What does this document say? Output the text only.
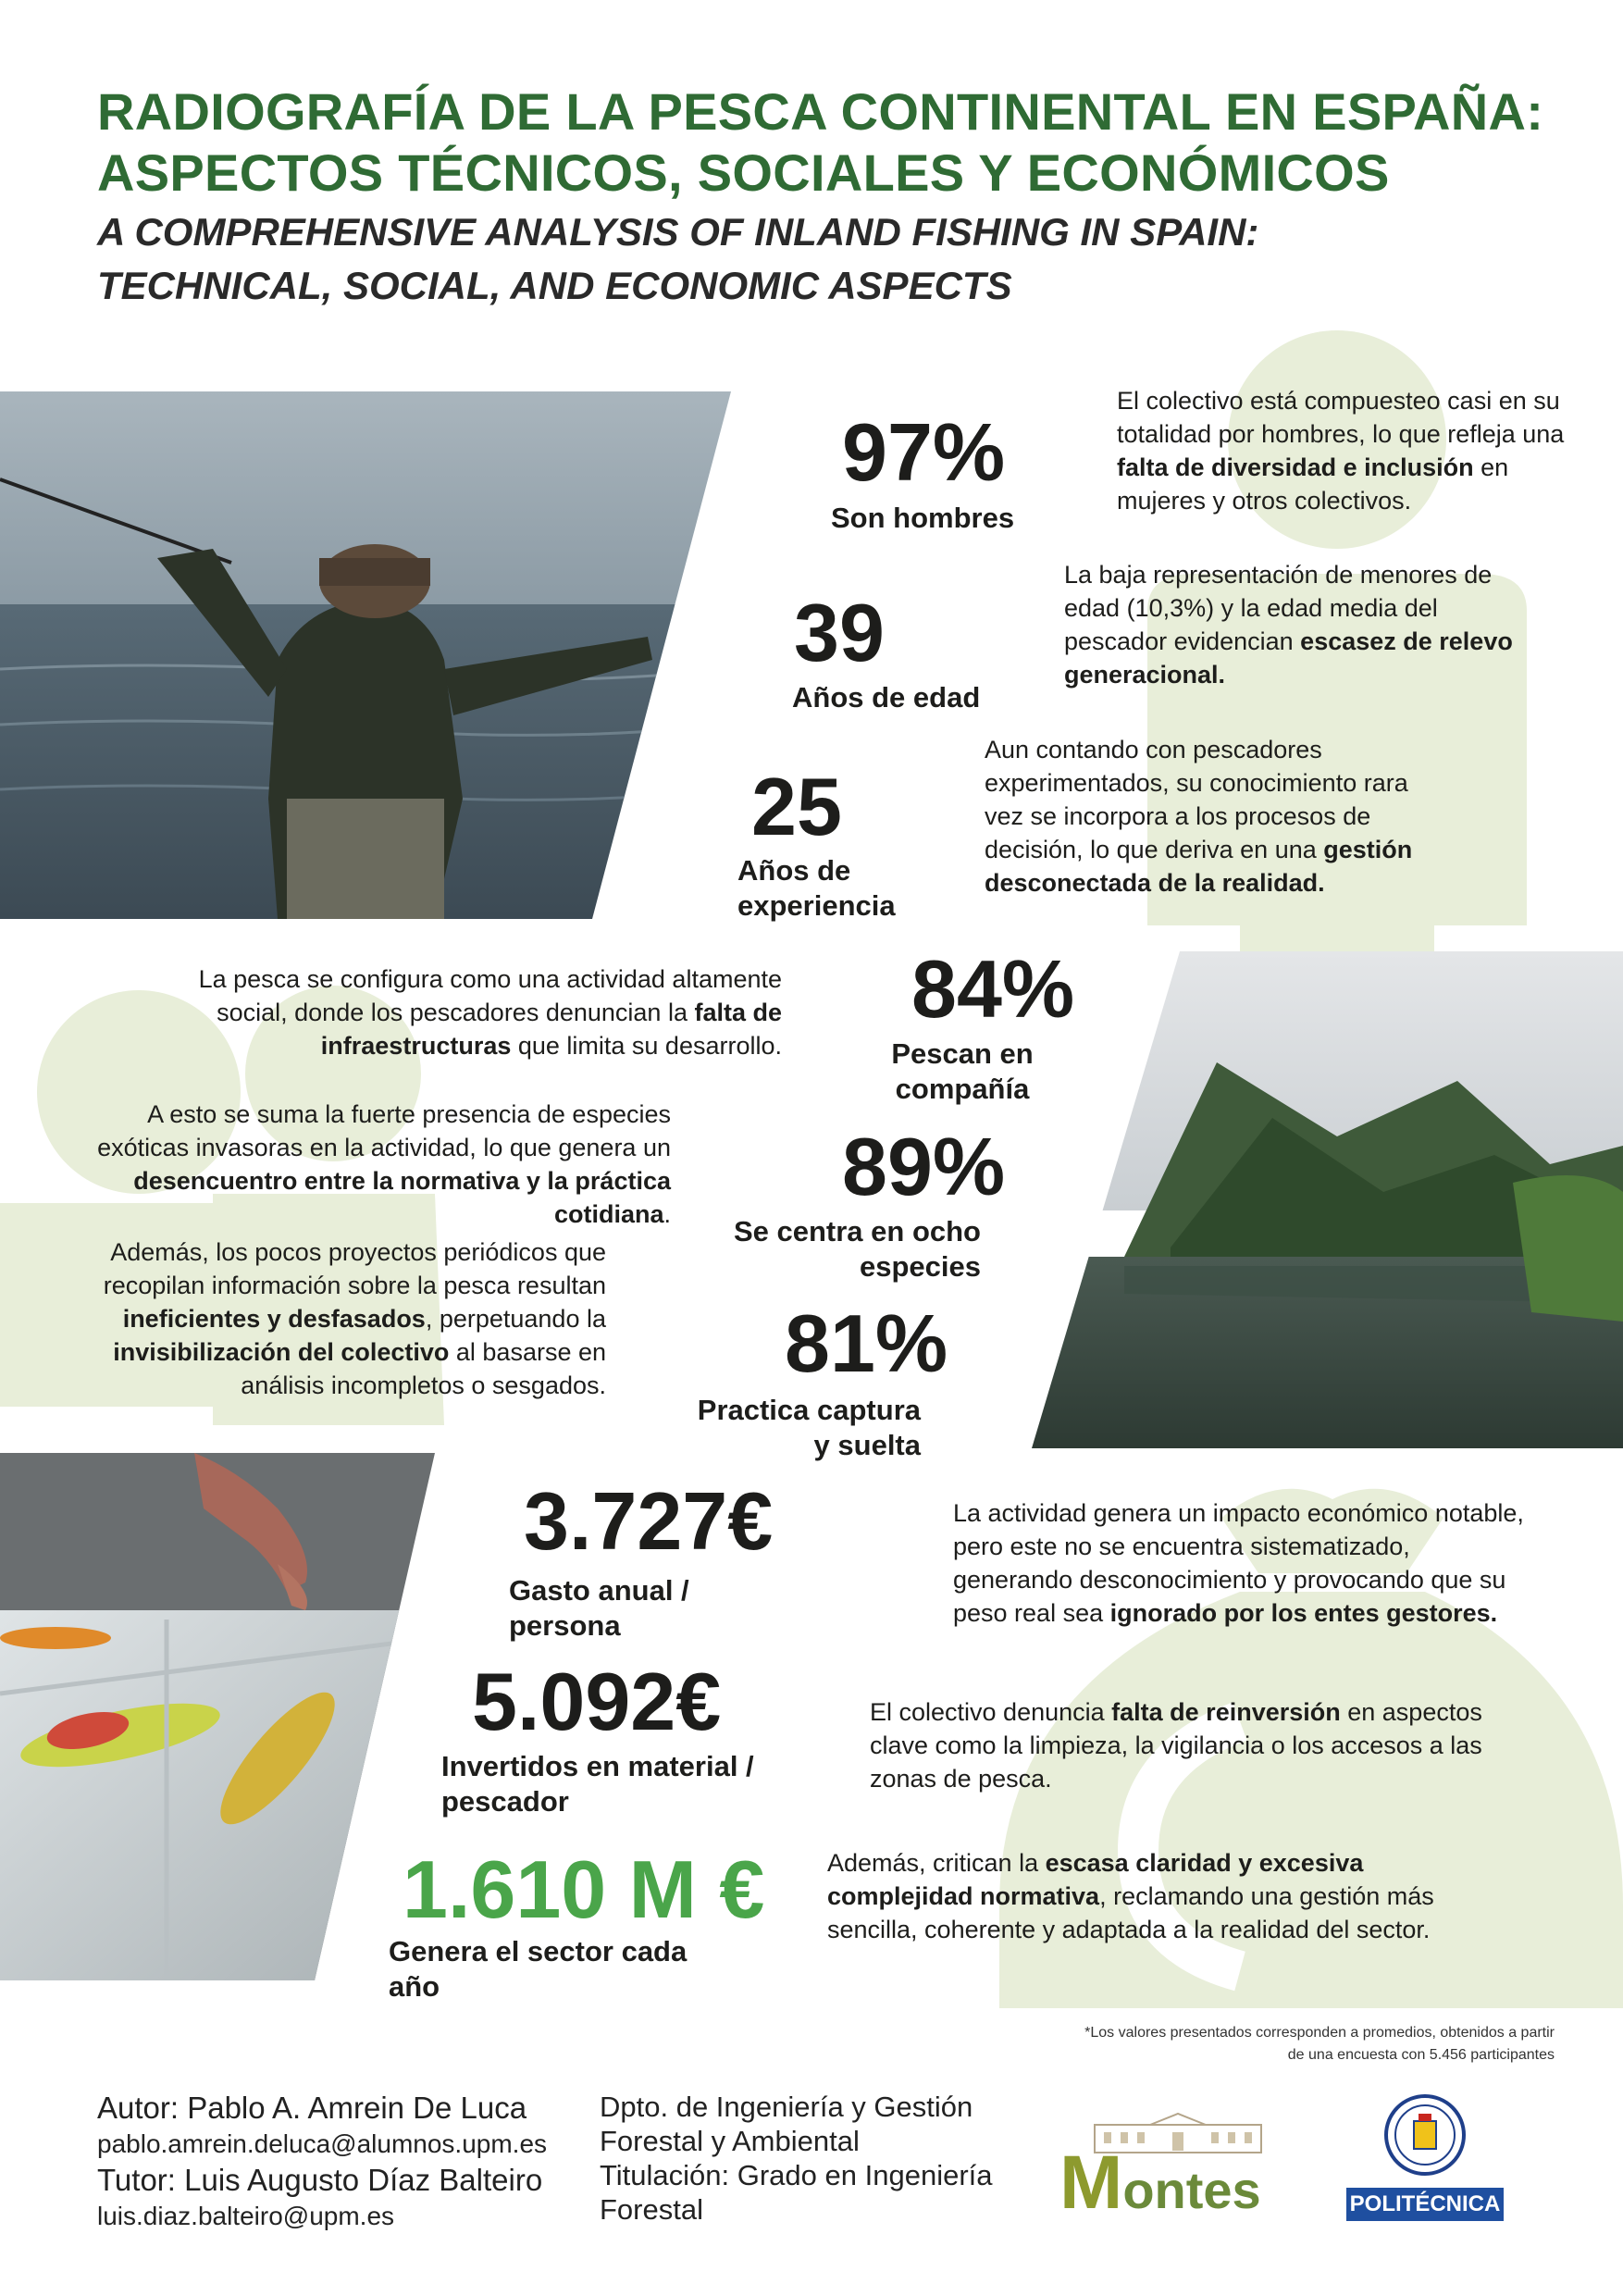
RADIOGRAFÍA DE LA PESCA CONTINENTAL EN ESPAÑA:
ASPECTOS TÉCNICOS, SOCIALES Y ECONÓMICOS
A COMPREHENSIVE ANALYSIS OF INLAND FISHING IN SPAIN:
TECHNICAL, SOCIAL, AND ECONOMIC ASPECTS
97%
Son hombres
39
Años de edad
25
Años de
experiencia

El colectivo está compuesteo casi en su totalidad por hombres, lo que refleja una falta de diversidad e inclusión en mujeres y otros colectivos.

La baja representación de menores de edad (10,3%) y la edad media del pescador evidencian escasez de relevo generacional.

Aun contando con pescadores experimentados, su conocimiento rara vez se incorpora a los procesos de decisión, lo que deriva en una gestión desconectada de la realidad.

La pesca se configura como una actividad altamente social, donde los pescadores denuncian la falta de infraestructuras que limita su desarrollo.

A esto se suma la fuerte presencia de especies exóticas invasoras en la actividad, lo que genera un desencuentro entre la normativa y la práctica cotidiana.

Además, los pocos proyectos periódicos que recopilan información sobre la pesca resultan ineficientes y desfasados, perpetuando la invisibilización del colectivo al basarse en análisis incompletos o sesgados.

84%
Pescan en
compañía
89%
Se centra en ocho
especies
81%
Practica captura
y suelta
3.727€
Gasto anual /
persona
5.092€
Invertidos en material /
pescador
1.610 M €
Genera el sector cada
año

La actividad genera un impacto económico notable, pero este no se encuentra sistematizado, generando desconocimiento y provocando que su peso real sea ignorado por los entes gestores.

El colectivo denuncia falta de reinversión en aspectos clave como la limpieza, la vigilancia o los accesos a las zonas de pesca.

Además, critican la escasa claridad y excesiva complejidad normativa, reclamando una gestión más sencilla, coherente y adaptada a la realidad del sector.

*Los valores presentados corresponden a promedios, obtenidos a partir
de una encuesta con 5.456 participantes
Autor: Pablo A. Amrein De Luca
pablo.amrein.deluca@alumnos.upm.es
Tutor: Luis Augusto Díaz Balteiro
luis.diaz.balteiro@upm.es
Dpto. de Ingeniería y Gestión
Forestal y Ambiental
Titulación: Grado en Ingeniería
Forestal	Montes	POLITÉCNICA
